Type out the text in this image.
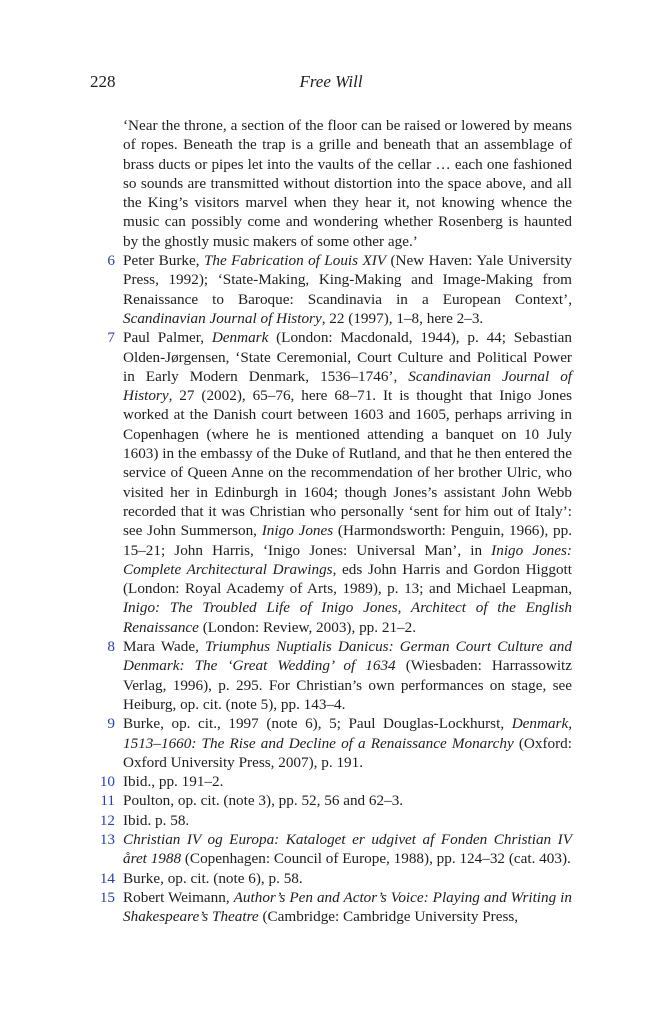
228	Free Will
‘Near the throne, a section of the floor can be raised or lowered by means of ropes. Beneath the trap is a grille and beneath that an assemblage of brass ducts or pipes let into the vaults of the cellar … each one fashioned so sounds are transmitted without distortion into the space above, and all the King’s visitors marvel when they hear it, not knowing whence the music can possibly come and wondering whether Rosenberg is haunted by the ghostly music makers of some other age.’
6 Peter Burke, The Fabrication of Louis XIV (New Haven: Yale University Press, 1992); ‘State-Making, King-Making and Image-Making from Renaissance to Baroque: Scandinavia in a European Context’, Scandinavian Journal of History, 22 (1997), 1–8, here 2–3.
7 Paul Palmer, Denmark (London: Macdonald, 1944), p. 44; Sebastian Olden-Jørgensen, ‘State Ceremonial, Court Culture and Political Power in Early Modern Denmark, 1536–1746’, Scandinavian Journal of History, 27 (2002), 65–76, here 68–71. It is thought that Inigo Jones worked at the Danish court between 1603 and 1605, perhaps arriving in Copenhagen (where he is mentioned attending a banquet on 10 July 1603) in the embassy of the Duke of Rutland, and that he then entered the service of Queen Anne on the recommendation of her brother Ulric, who visited her in Edinburgh in 1604; though Jones’s assistant John Webb recorded that it was Christian who personally ‘sent for him out of Italy’: see John Summerson, Inigo Jones (Harmondsworth: Penguin, 1966), pp. 15–21; John Harris, ‘Inigo Jones: Universal Man’, in Inigo Jones: Complete Architectural Drawings, eds John Harris and Gordon Higgott (London: Royal Academy of Arts, 1989), p. 13; and Michael Leapman, Inigo: The Troubled Life of Inigo Jones, Architect of the English Renaissance (London: Review, 2003), pp. 21–2.
8 Mara Wade, Triumphus Nuptialis Danicus: German Court Culture and Denmark: The ‘Great Wedding’ of 1634 (Wiesbaden: Harrassowitz Verlag, 1996), p. 295. For Christian’s own performances on stage, see Heiburg, op. cit. (note 5), pp. 143–4.
9 Burke, op. cit., 1997 (note 6), 5; Paul Douglas-Lockhurst, Denmark, 1513–1660: The Rise and Decline of a Renaissance Monarchy (Oxford: Oxford University Press, 2007), p. 191.
10 Ibid., pp. 191–2.
11 Poulton, op. cit. (note 3), pp. 52, 56 and 62–3.
12 Ibid. p. 58.
13 Christian IV og Europa: Kataloget er udgivet af Fonden Christian IV året 1988 (Copenhagen: Council of Europe, 1988), pp. 124–32 (cat. 403).
14 Burke, op. cit. (note 6), p. 58.
15 Robert Weimann, Author’s Pen and Actor’s Voice: Playing and Writing in Shakespeare’s Theatre (Cambridge: Cambridge University Press,
